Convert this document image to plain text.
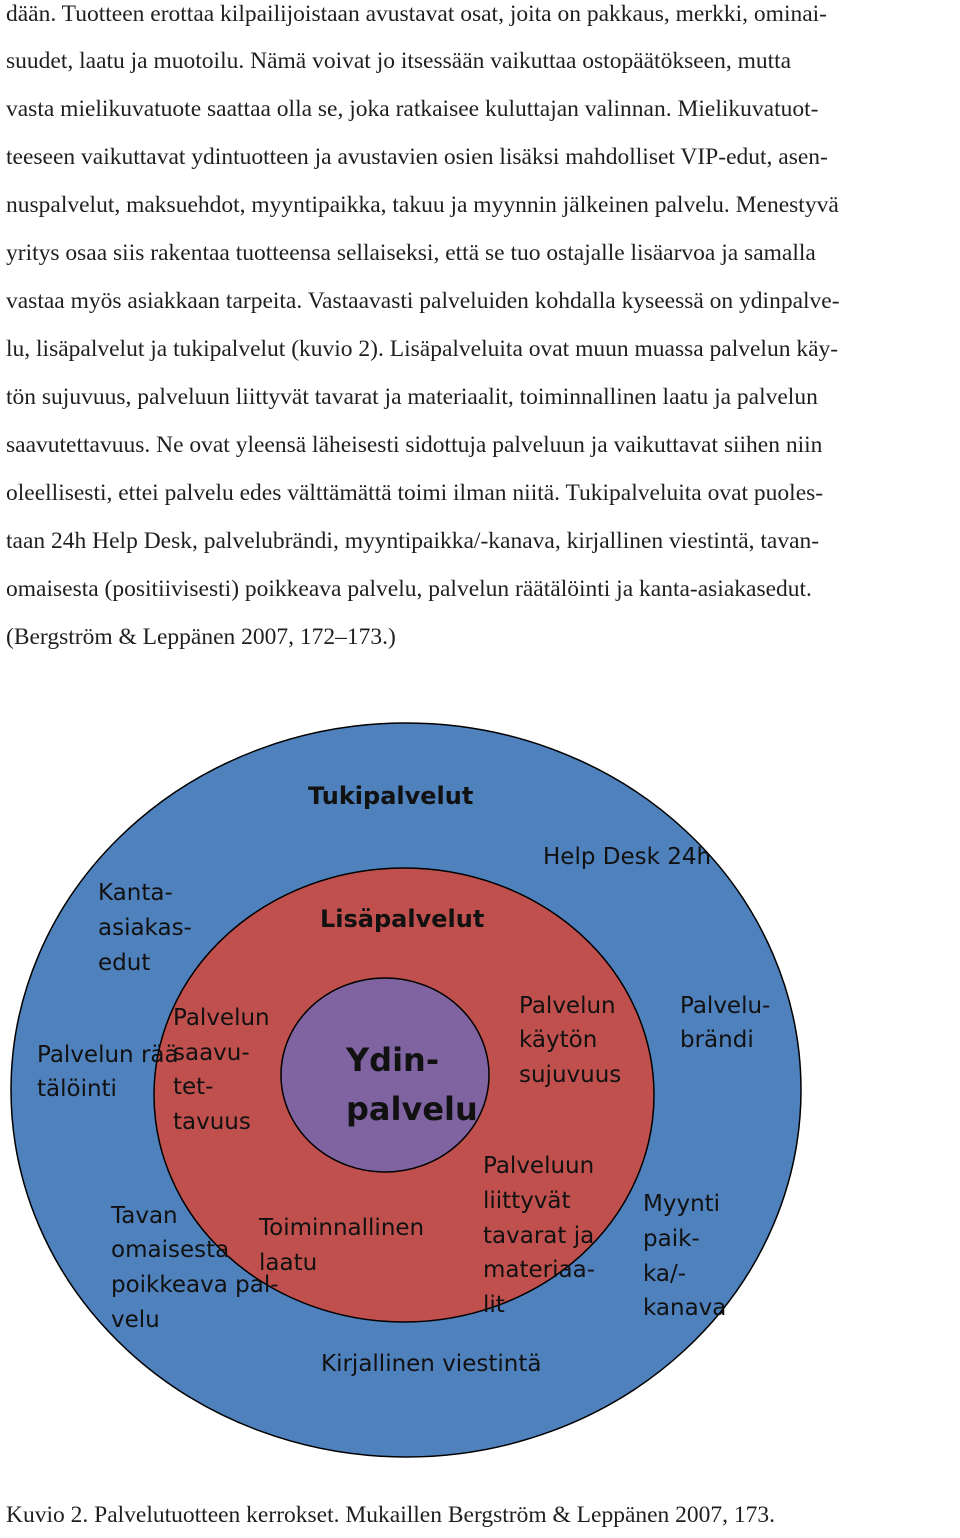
dään. Tuotteen erottaa kilpailijoistaan avustavat osat, joita on pakkaus, merkki, ominai-
suudet, laatu ja muotoilu. Nämä voivat jo itsessään vaikuttaa ostopäätökseen, mutta
vasta mielikuvatuote saattaa olla se, joka ratkaisee kuluttajan valinnan. Mielikuvatuot-
teeseen vaikuttavat ydintuotteen ja avustavien osien lisäksi mahdolliset VIP-edut, asen-
nuspalvelut, maksuehdot, myyntipaikka, takuu ja myynnin jälkeinen palvelu. Menestyvä
yritys osaa siis rakentaa tuotteensa sellaiseksi, että se tuo ostajalle lisäarvoa ja samalla
vastaa myös asiakkaan tarpeita. Vastaavasti palveluiden kohdalla kyseessä on ydinpalve-
lu, lisäpalvelut ja tukipalvelut (kuvio 2). Lisäpalveluita ovat muun muassa palvelun käy-
tön sujuvuus, palveluun liittyvät tavarat ja materiaalit, toiminnallinen laatu ja palvelun
saavutettavuus. Ne ovat yleensä läheisesti sidottuja palveluun ja vaikuttavat siihen niin
oleellisesti, ettei palvelu edes välttämättä toimi ilman niitä. Tukipalveluita ovat puoles-
taan 24h Help Desk, palvelubrändi, myyntipaikka/-kanava, kirjallinen viestintä, tavan-
omaisesta (positiivisesti) poikkeava palvelu, palvelun räätälöinti ja kanta-asiakasedut.
(Bergström & Leppänen 2007, 172–173.)
Tukipalvelut
Lisäpalvelut
Ydin- palvelu
Help Desk 24h
Kanta- asiakas- edut
Palvelun rää tälöinti
Palvelu- brändi
Tavan omaisesta poikkeava pal- velu
Myynti paik- ka/- kanava
Kirjallinen viestintä
Palvelun saavu- tet- tavuus
Palvelun käytön sujuvuus
Palveluun liittyvät tavarat ja materiaa- lit
Toiminnallinen laatu
Kuvio 2. Palvelutuotteen kerrokset. Mukaillen Bergström & Leppänen 2007, 173.
